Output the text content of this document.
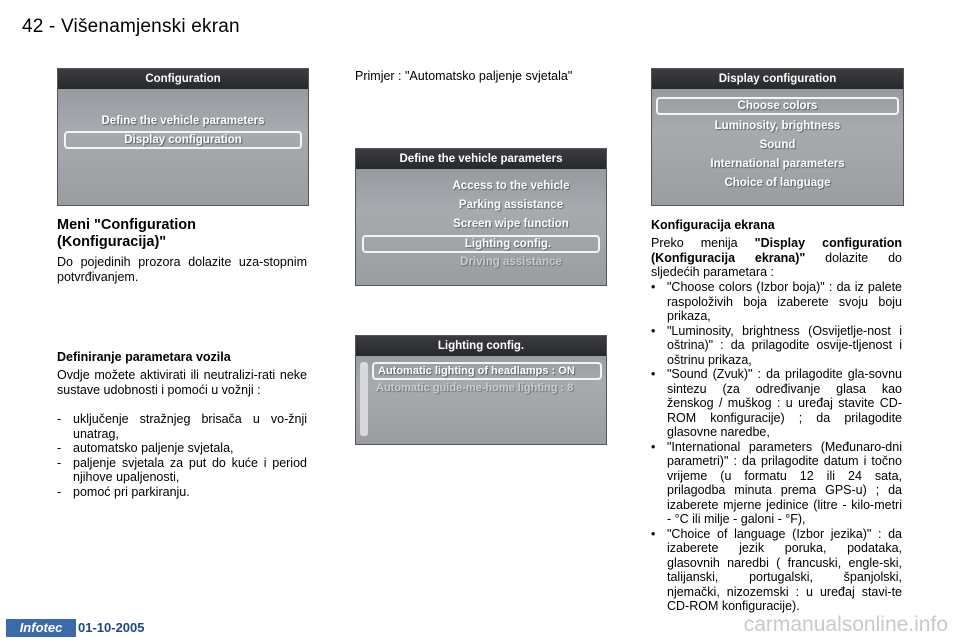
42 - Višenamjenski ekran
Configuration
Define the vehicle parameters
Display configuration
Define the vehicle parameters
Access to the vehicle
Parking assistance
Screen wipe function
Lighting config.
Driving assistance
Lighting config.
Automatic lighting of headlamps : ON
Automatic guide-me-home lighting : 8
Display configuration
Choose colors
Luminosity, brightness
Sound
International parameters
Choice of language
Meni "Configuration
(Konfiguracija)"
Do pojedinih prozora dolazite uza-stopnim potvrđivanjem.
Definiranje parametara vozila
Ovdje možete aktivirati ili neutralizi-rati neke sustave udobnosti i pomoći u vožnji :
- uključenje stražnjeg brisača u vo-žnji unatrag,
- automatsko paljenje svjetala,
- paljenje svjetala za put do kuće i period njihove upaljenosti,
- pomoć pri parkiranju.
Primjer : "Automatsko paljenje svjetala"
Konfiguracija ekrana
Preko menija "Display configuration (Konfiguracija ekrana)" dolazite do sljedećih parametara :
• "Choose colors (Izbor boja)" : da iz palete raspoloživih boja izaberete svoju boju prikaza,
• "Luminosity, brightness (Osvijetlje-nost i oštrina)" : da prilagodite osvije-tljenost i oštrinu prikaza,
• "Sound (Zvuk)" : da prilagodite gla-sovnu sintezu (za određivanje glasa kao ženskog / muškog : u uređaj stavite CD-ROM konfiguracije) ; da prilagodite glasovne naredbe,
• "International parameters (Međunaro-dni parametri)" : da prilagodite datum i točno vrijeme (u formatu 12 ili 24 sata, prilagodba minuta prema GPS-u) ; da izaberete mjerne jedinice (litre - kilo-metri - °C ili milje - galoni - °F),
• "Choice of language (Izbor jezika)" : da izaberete jezik poruka, podataka, glasovnih naredbi ( francuski, engle-ski, talijanski, portugalski, španjolski, njemački, nizozemski : u uređaj stavi-te CD-ROM konfiguracije).
Infotec	01-10-2005	carmanualsonline.info
